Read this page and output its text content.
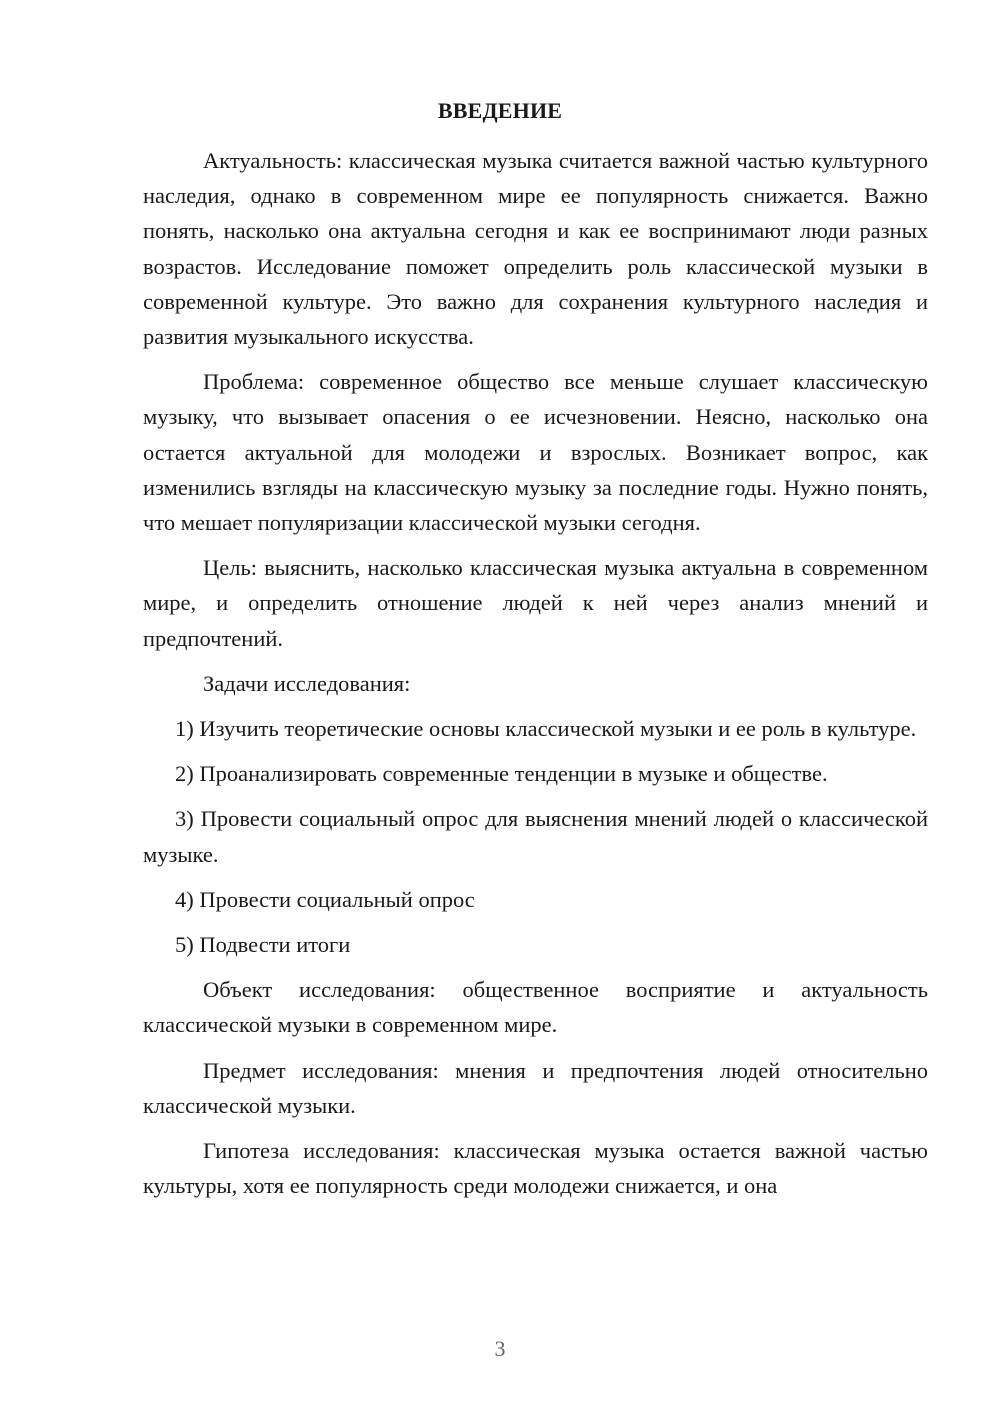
ВВЕДЕНИЕ

Актуальность: классическая музыка считается важной частью культурного наследия, однако в современном мире ее популярность снижается. Важно понять, насколько она актуальна сегодня и как ее воспринимают люди разных возрастов. Исследование поможет определить роль классической музыки в современной культуре. Это важно для сохранения культурного наследия и развития музыкального искусства.

Проблема: современное общество все меньше слушает классическую музыку, что вызывает опасения о ее исчезновении. Неясно, насколько она остается актуальной для молодежи и взрослых. Возникает вопрос, как изменились взгляды на классическую музыку за последние годы. Нужно понять, что мешает популяризации классической музыки сегодня.

Цель: выяснить, насколько классическая музыка актуальна в современном мире, и определить отношение людей к ней через анализ мнений и предпочтений.

Задачи исследования:

1) Изучить теоретические основы классической музыки и ее роль в культуре.

2) Проанализировать современные тенденции в музыке и обществе.

3) Провести социальный опрос для выяснения мнений людей о классической музыке.

4) Провести социальный опрос

5) Подвести итоги

Объект исследования: общественное восприятие и актуальность классической музыки в современном мире.

Предмет исследования: мнения и предпочтения людей относительно классической музыки.

Гипотеза исследования: классическая музыка остается важной частью культуры, хотя ее популярность среди молодежи снижается, и она

3
